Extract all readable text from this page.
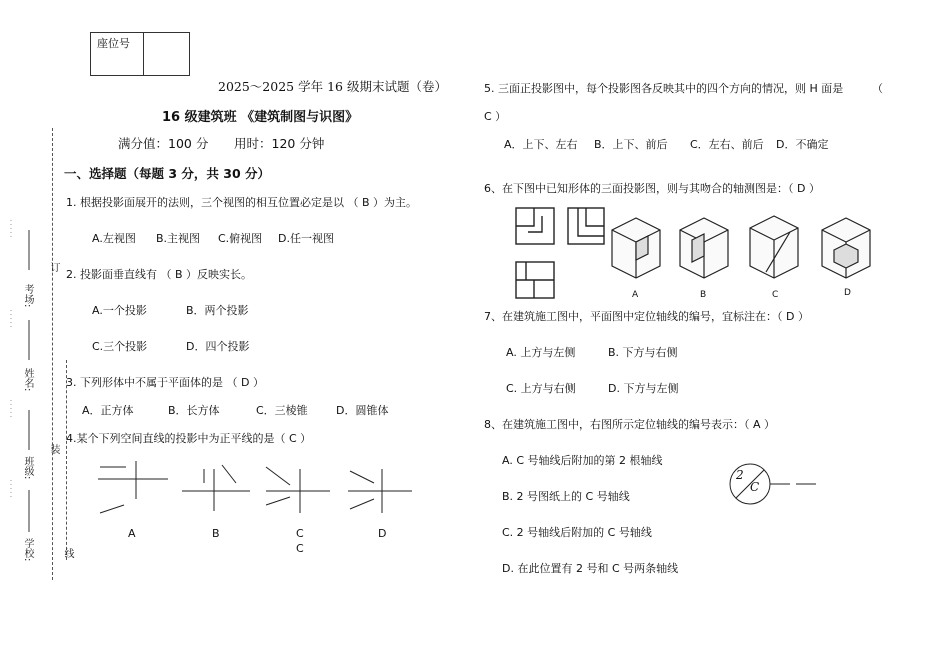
座位号
2025～2025 学年 16 级期末试题（卷）
16 级建筑班 《建筑制图与识图》
满分值：100 分 用时：120 分钟
订
装
线
学校:
班级:
姓名:
考场:
一、选择题（每题 3 分，共 30 分）
1. 根据投影面展开的法则，三个视图的相互位置必定是以 （ B ）为主。
A.左视图 B.主视图 C.俯视图 D.任一视图
2. 投影面垂直线有 （ B ）反映实长。
A.一个投影	B．两个投影
C.三个投影	D．四个投影
3. 下列形体中不属于平面体的是 （ D ）
A．正方体	B．长方体	C．三棱锥	D．圆锥体
4.某个下列空间直线的投影中为正平线的是（ C ）
A	B	C	D
C
5. 三面正投影图中，每个投影图各反映其中的四个方向的情况，则 H 面是	（
C ）
A．上下、左右 B．上下、前后 C．左右、前后 D．不确定
6、在下图中已知形体的三面投影图，则与其吻合的轴测图是：（ D ）
A	B	C	D
7、在建筑施工图中，平面图中定位轴线的编号，宜标注在：（ D ）
A. 上方与左侧	B. 下方与右侧
C. 上方与右侧	D. 下方与左侧
8、在建筑施工图中，右图所示定位轴线的编号表示：（ A ）
A. C 号轴线后附加的第 2 根轴线
B. 2 号图纸上的 C 号轴线
C. 2 号轴线后附加的 C 号轴线
D. 在此位置有 2 号和 C 号两条轴线
2
C
